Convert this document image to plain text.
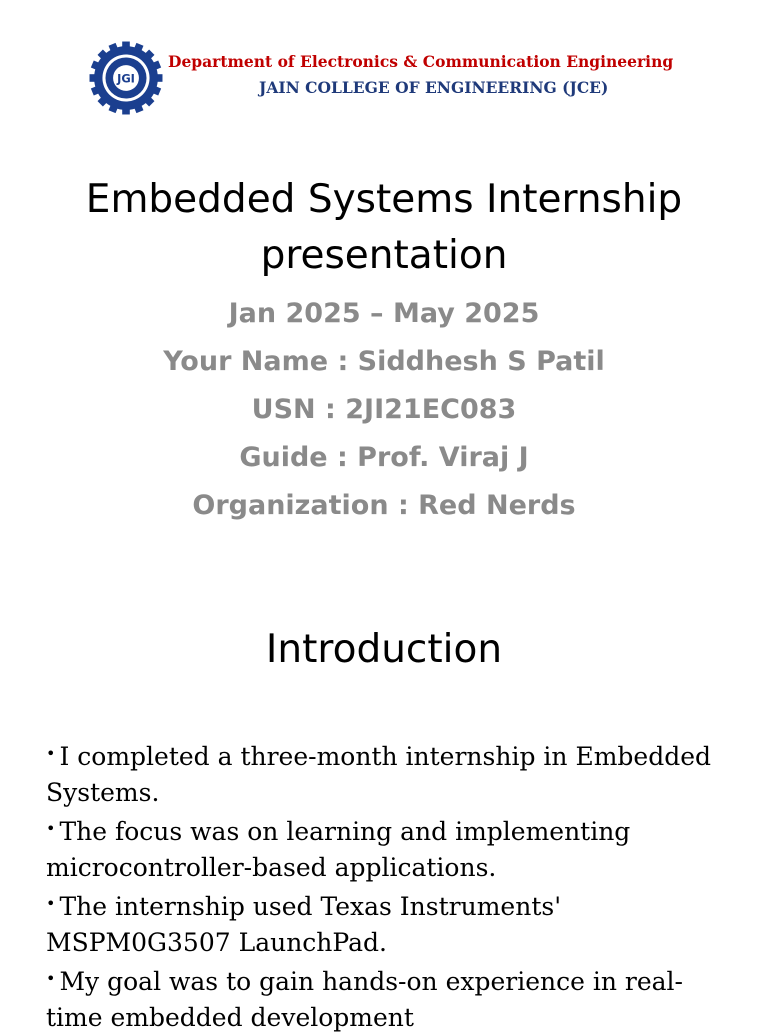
JGI
Department of Electronics & Communication Engineering
JAIN COLLEGE OF ENGINEERING (JCE)
Embedded Systems Internship
presentation
Jan 2025 – May 2025
Your Name : Siddhesh S Patil
USN : 2JI21EC083
Guide : Prof. Viraj J
Organization : Red Nerds
Introduction
• I completed a three-month internship in Embedded Systems.
• The focus was on learning and implementing microcontroller-based applications.
• The internship used Texas Instruments' MSPM0G3507 LaunchPad.
• My goal was to gain hands-on experience in real-time embedded development
